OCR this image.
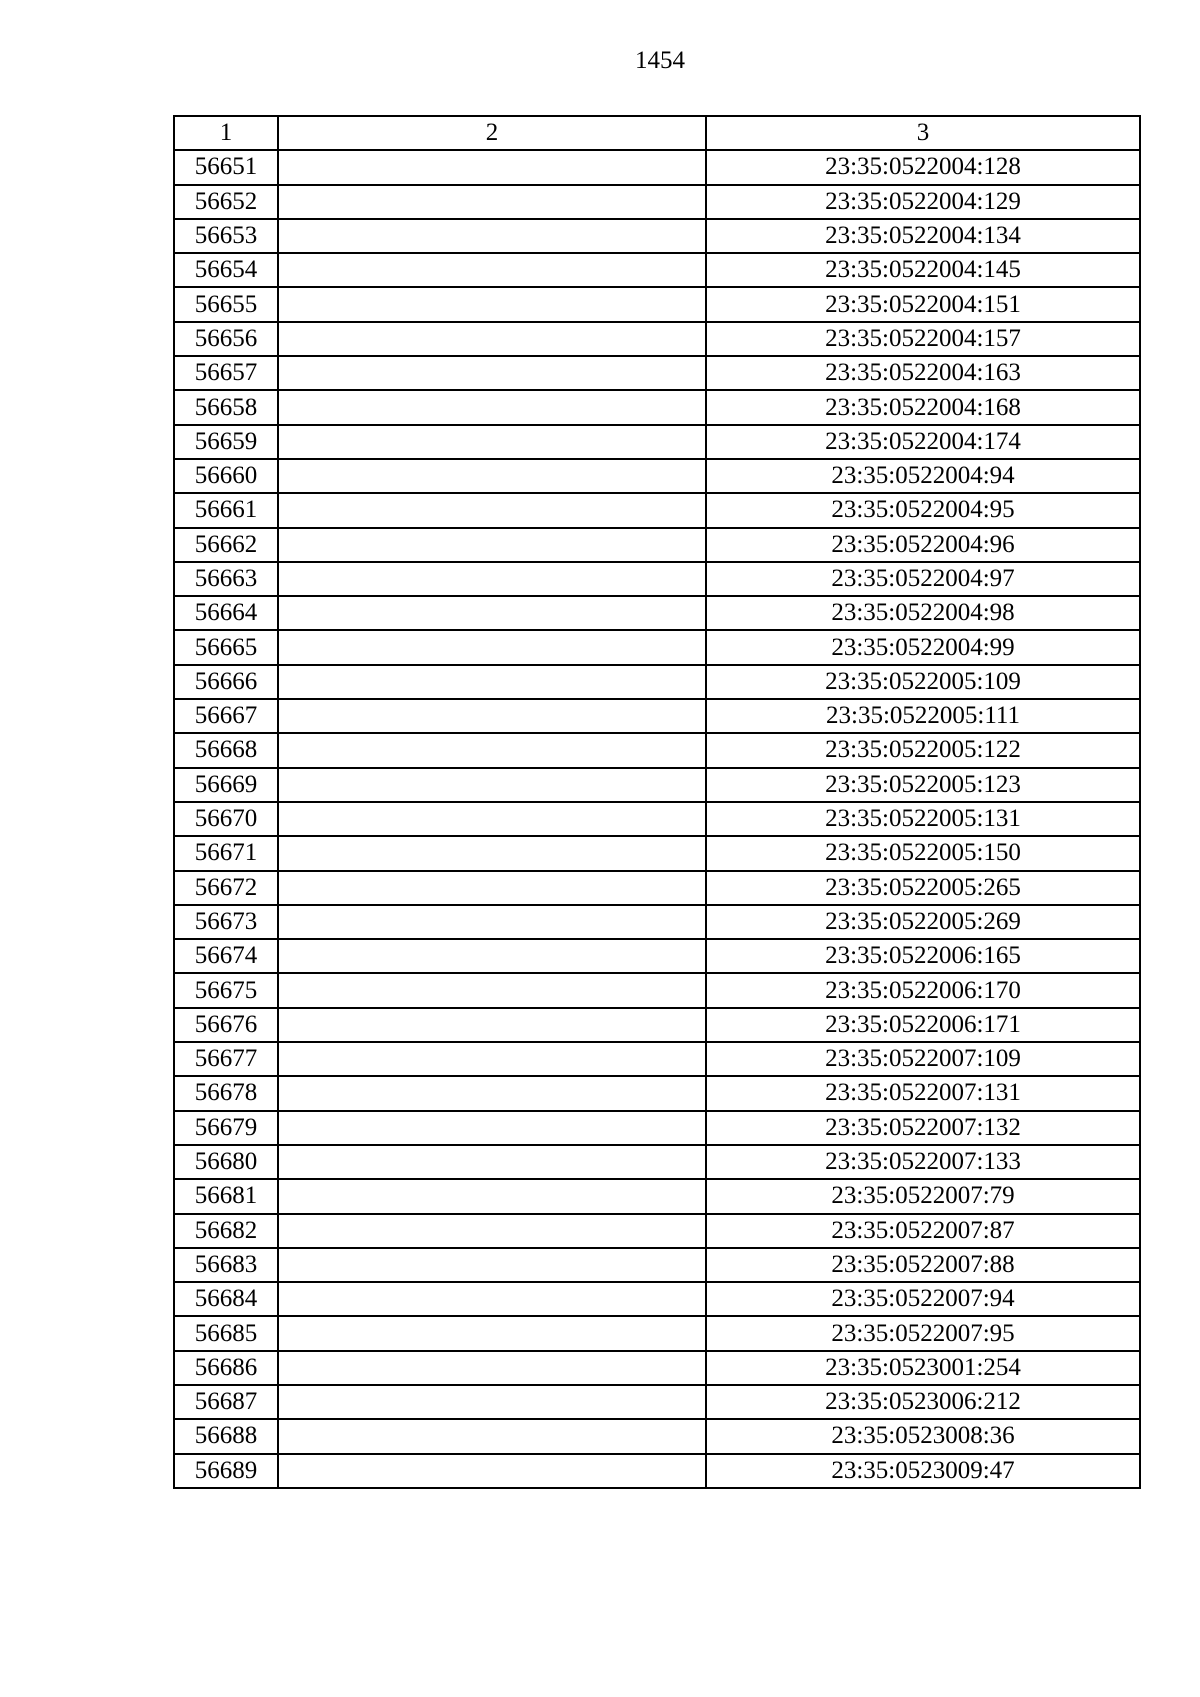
1454
1	2	3
56651		23:35:0522004:128
56652		23:35:0522004:129
56653		23:35:0522004:134
56654		23:35:0522004:145
56655		23:35:0522004:151
56656		23:35:0522004:157
56657		23:35:0522004:163
56658		23:35:0522004:168
56659		23:35:0522004:174
56660		23:35:0522004:94
56661		23:35:0522004:95
56662		23:35:0522004:96
56663		23:35:0522004:97
56664		23:35:0522004:98
56665		23:35:0522004:99
56666		23:35:0522005:109
56667		23:35:0522005:111
56668		23:35:0522005:122
56669		23:35:0522005:123
56670		23:35:0522005:131
56671		23:35:0522005:150
56672		23:35:0522005:265
56673		23:35:0522005:269
56674		23:35:0522006:165
56675		23:35:0522006:170
56676		23:35:0522006:171
56677		23:35:0522007:109
56678		23:35:0522007:131
56679		23:35:0522007:132
56680		23:35:0522007:133
56681		23:35:0522007:79
56682		23:35:0522007:87
56683		23:35:0522007:88
56684		23:35:0522007:94
56685		23:35:0522007:95
56686		23:35:0523001:254
56687		23:35:0523006:212
56688		23:35:0523008:36
56689		23:35:0523009:47
